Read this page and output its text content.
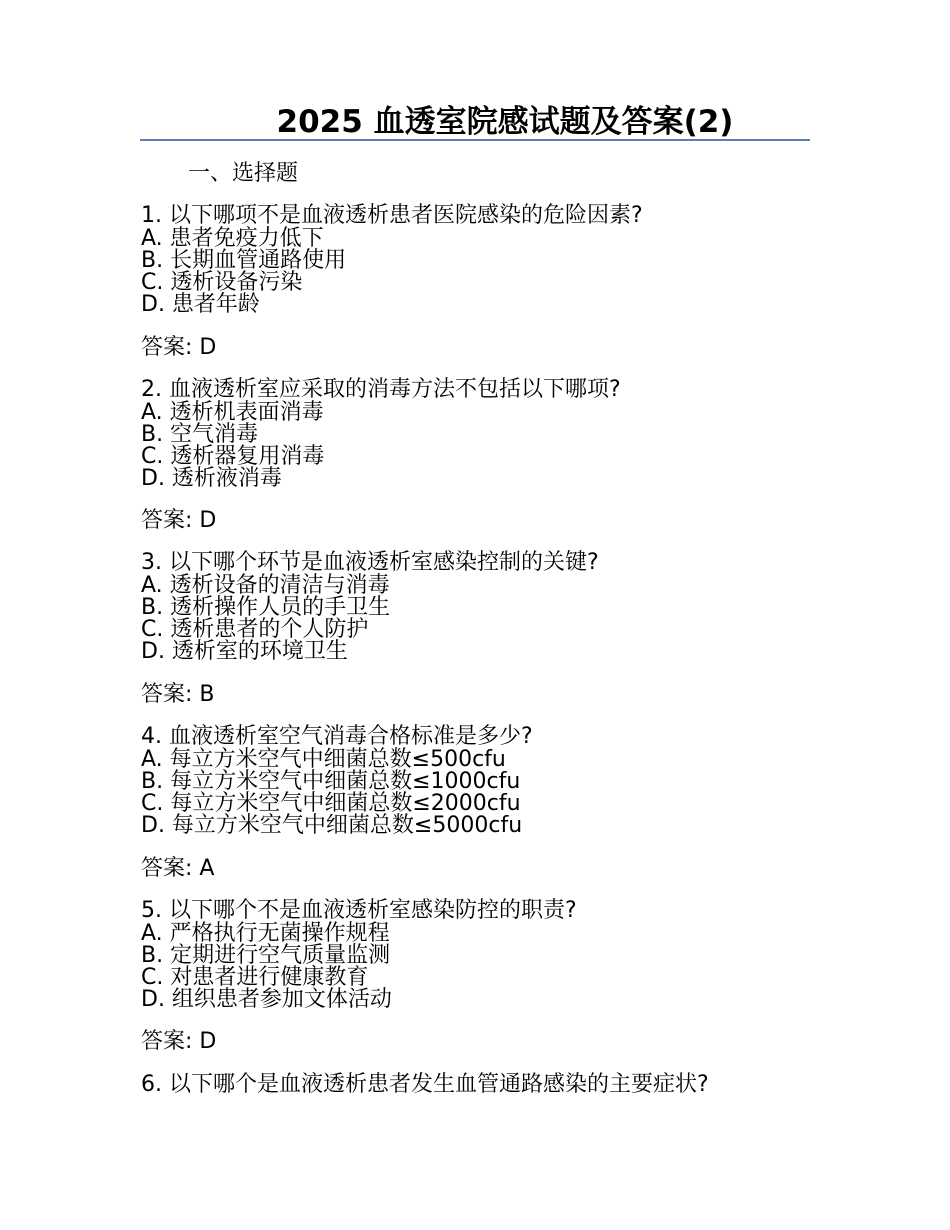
2025 血透室院感试题及答案(2)
一、选择题
1. 以下哪项不是血液透析患者医院感染的危险因素?
A. 患者免疫力低下
B. 长期血管通路使用
C. 透析设备污染
D. 患者年龄
答案: D
2. 血液透析室应采取的消毒方法不包括以下哪项?
A. 透析机表面消毒
B. 空气消毒
C. 透析器复用消毒
D. 透析液消毒
答案: D
3. 以下哪个环节是血液透析室感染控制的关键?
A. 透析设备的清洁与消毒
B. 透析操作人员的手卫生
C. 透析患者的个人防护
D. 透析室的环境卫生
答案: B
4. 血液透析室空气消毒合格标准是多少?
A. 每立方米空气中细菌总数≤500cfu
B. 每立方米空气中细菌总数≤1000cfu
C. 每立方米空气中细菌总数≤2000cfu
D. 每立方米空气中细菌总数≤5000cfu
答案: A
5. 以下哪个不是血液透析室感染防控的职责?
A. 严格执行无菌操作规程
B. 定期进行空气质量监测
C. 对患者进行健康教育
D. 组织患者参加文体活动
答案: D
6. 以下哪个是血液透析患者发生血管通路感染的主要症状?
